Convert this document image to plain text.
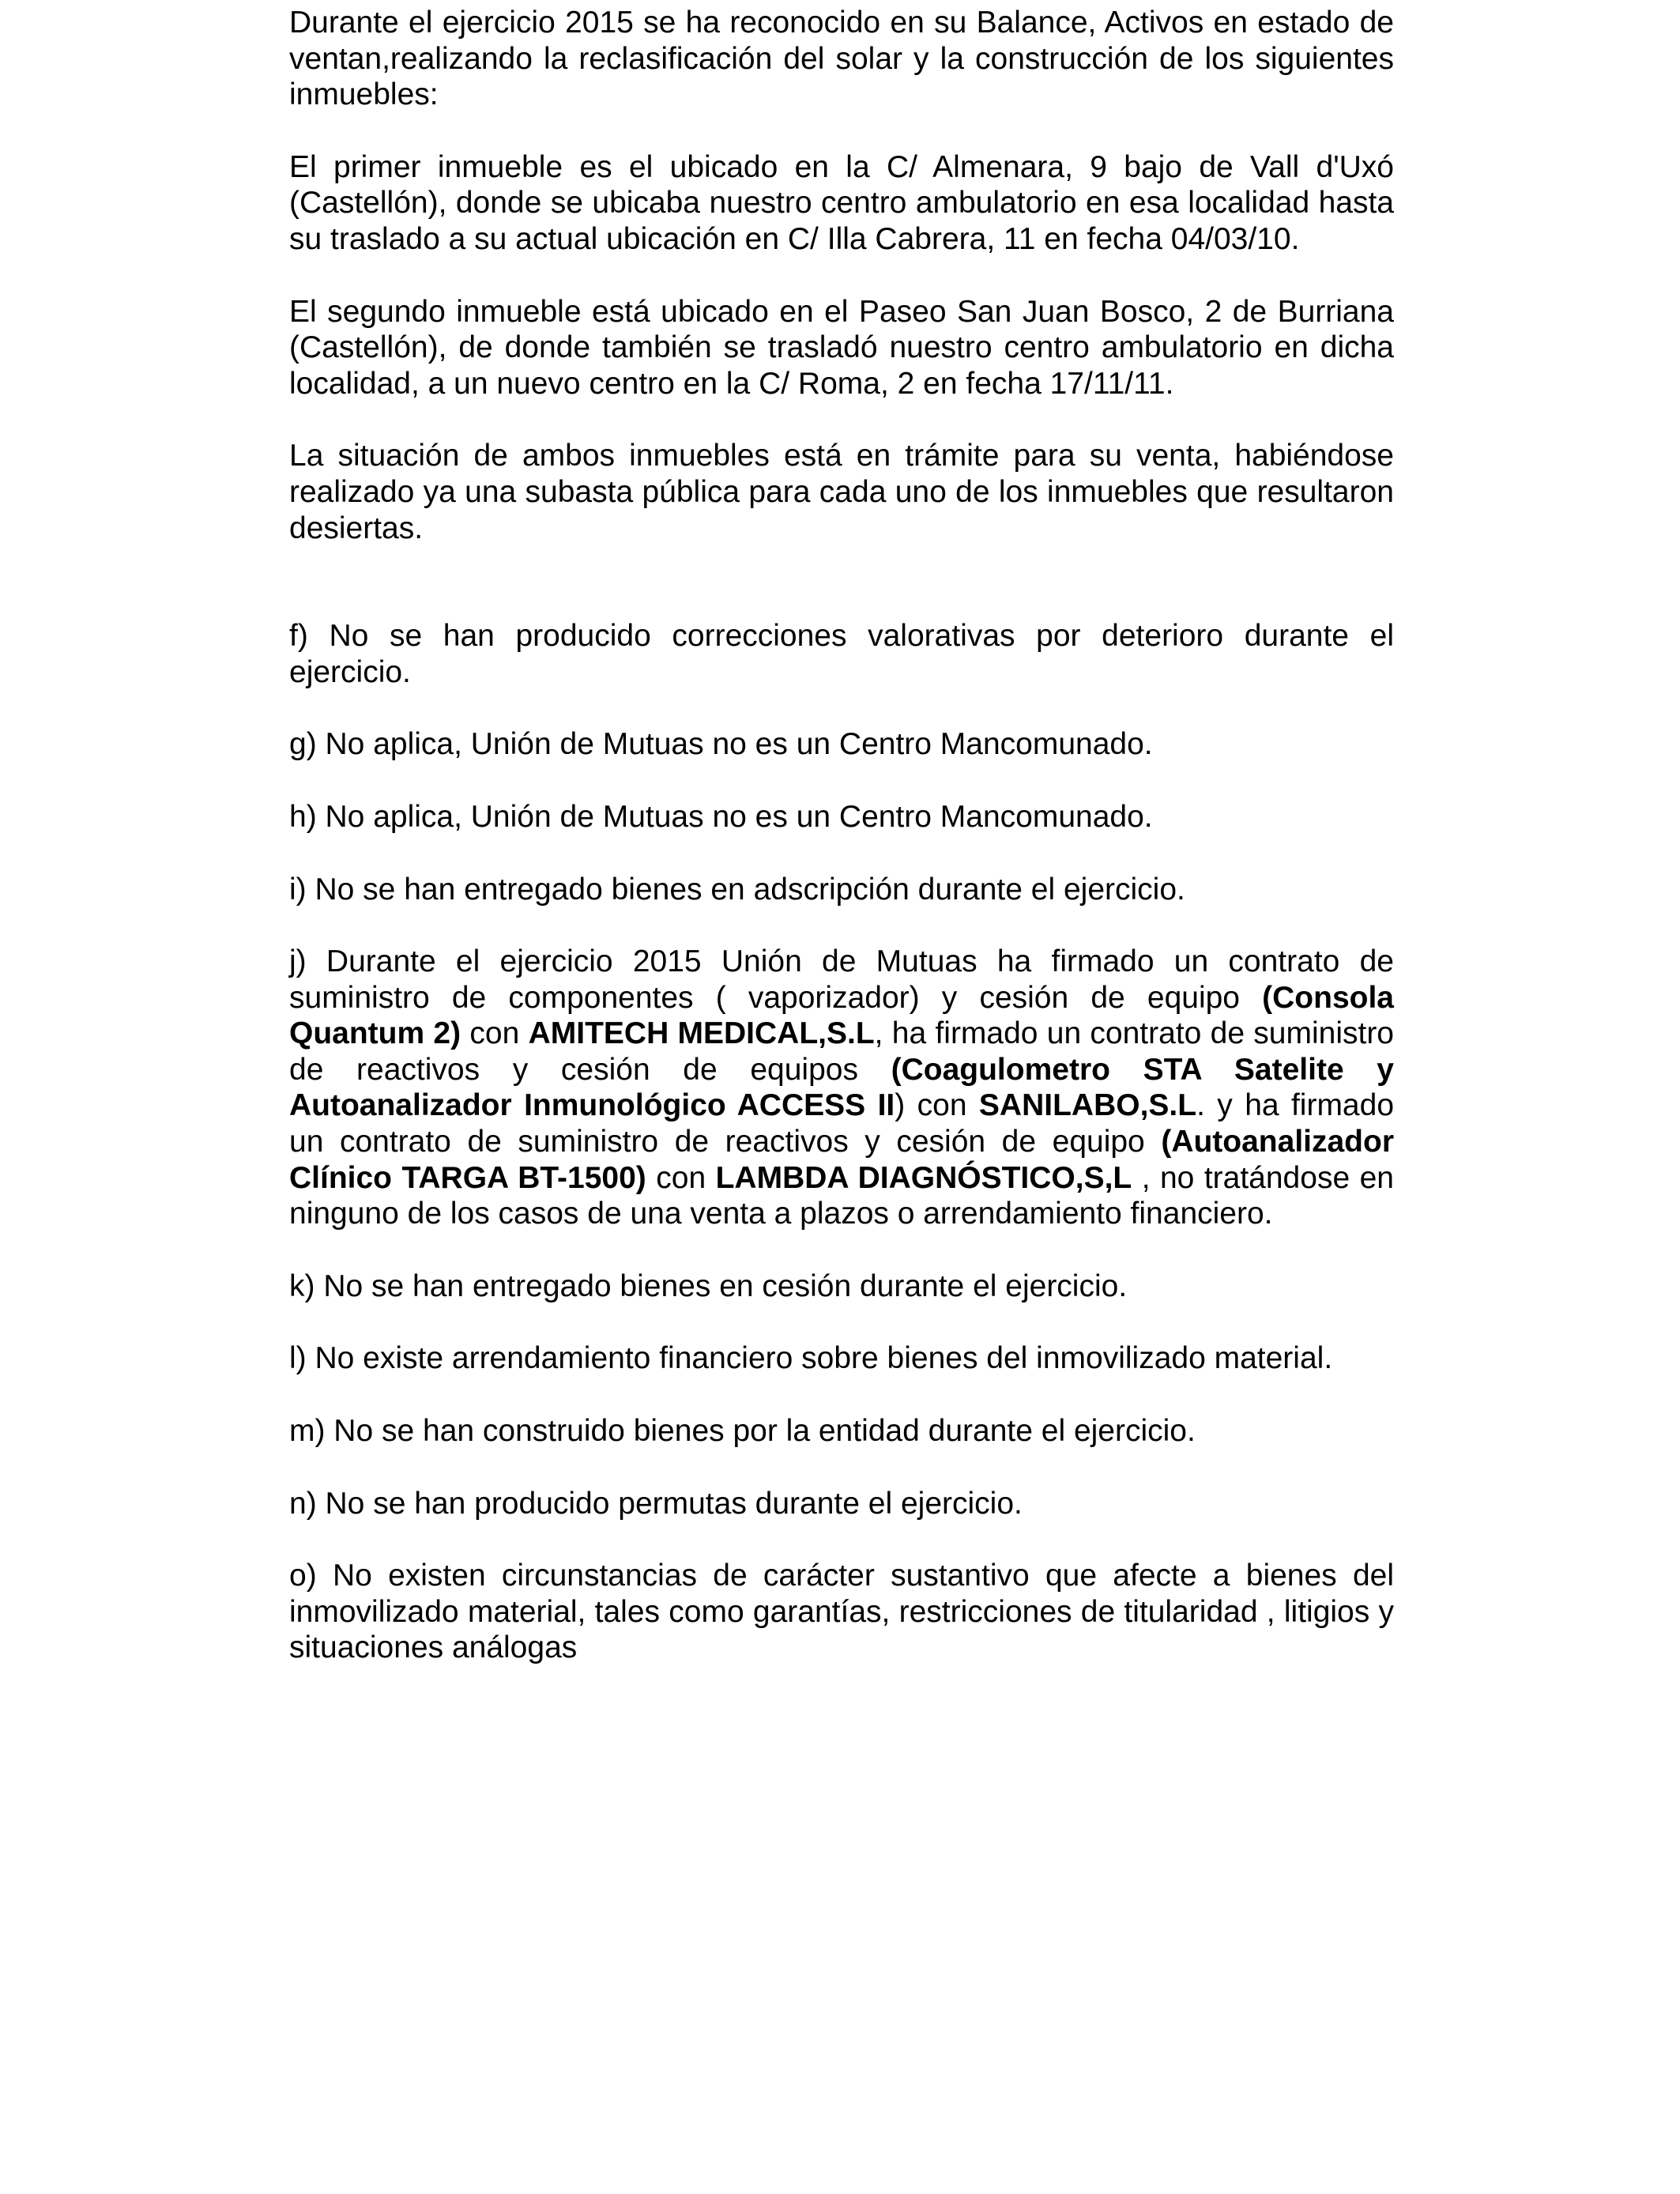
Durante el ejercicio 2015 se ha reconocido en su Balance, Activos en estado de ventan,realizando la reclasificación del solar y la construcción de los siguientes inmuebles:

El primer inmueble es el ubicado en la C/ Almenara, 9 bajo de Vall d'Uxó (Castellón), donde se ubicaba nuestro centro ambulatorio en esa localidad hasta su traslado a su actual ubicación en C/ Illa Cabrera, 11 en fecha 04/03/10.

El segundo inmueble está ubicado en el Paseo San Juan Bosco, 2 de Burriana (Castellón), de donde también se trasladó nuestro centro ambulatorio en dicha localidad, a un nuevo centro en la C/ Roma, 2 en fecha 17/11/11.

La situación de ambos inmuebles está en trámite para su venta, habiéndose realizado ya una subasta pública para cada uno de los inmuebles que resultaron desiertas.

f) No se han producido correcciones valorativas por deterioro durante el ejercicio.

g) No aplica, Unión de Mutuas no es un Centro Mancomunado.

h) No aplica, Unión de Mutuas no es un Centro Mancomunado.

i) No se han entregado bienes en adscripción durante el ejercicio.

j) Durante el ejercicio 2015 Unión de Mutuas ha firmado un contrato de suministro de componentes ( vaporizador) y cesión de equipo (Consola Quantum 2) con AMITECH MEDICAL,S.L, ha firmado un contrato de suministro de reactivos y cesión de equipos (Coagulometro STA Satelite y Autoanalizador Inmunológico ACCESS II) con SANILABO,S.L. y ha firmado un contrato de suministro de reactivos y cesión de equipo (Autoanalizador Clínico TARGA BT-1500) con LAMBDA DIAGNÓSTICO,S,L , no tratándose en ninguno de los casos de una venta a plazos o arrendamiento financiero.

k) No se han entregado bienes en cesión durante el ejercicio.

l) No existe arrendamiento financiero sobre bienes del inmovilizado material.

m) No se han construido bienes por la entidad durante el ejercicio.

n) No se han producido permutas durante el ejercicio.

o) No existen circunstancias de carácter sustantivo que afecte a bienes del inmovilizado material, tales como garantías, restricciones de titularidad , litigios y situaciones análogas
